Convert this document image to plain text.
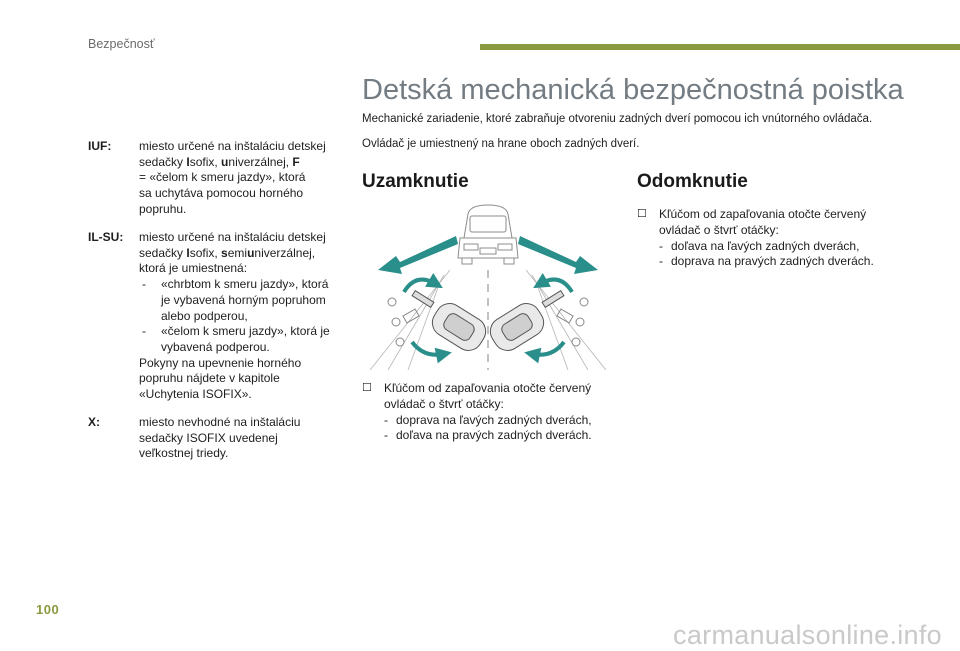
Bezpečnosť
IUF:	miesto určené na inštaláciu detskej
sedačky Isofix, univerzálnej, F
= «čelom k smeru jazdy», ktorá
sa uchytáva pomocou horného
popruhu.
IL-SU:	miesto určené na inštaláciu detskej
sedačky Isofix, semiuniverzálnej,
ktorá je umiestnená:
- «chrbtom k smeru jazdy», ktorá
je vybavená horným popruhom
alebo podperou,
- «čelom k smeru jazdy», ktorá je
vybavená podperou.
Pokyny na upevnenie horného
popruhu nájdete v kapitole
«Uchytenia ISOFIX».
X:	miesto nevhodné na inštaláciu
sedačky ISOFIX uvedenej
veľkostnej triedy.
Detská mechanická bezpečnostná poistka
Mechanické zariadenie, ktoré zabraňuje otvoreniu zadných dverí pomocou ich vnútorného ovládača.
Ovládač je umiestnený na hrane oboch zadných dverí.
Uzamknutie	Odomknutie
☐ Kľúčom od zapaľovania otočte červený
ovládač o štvrť otáčky:
- doprava na ľavých zadných dverách,
- doľava na pravých zadných dverách.
☐ Kľúčom od zapaľovania otočte červený
ovládač o štvrť otáčky:
- doľava na ľavých zadných dverách,
- doprava na pravých zadných dverách.
100
carmanualsonline.info
